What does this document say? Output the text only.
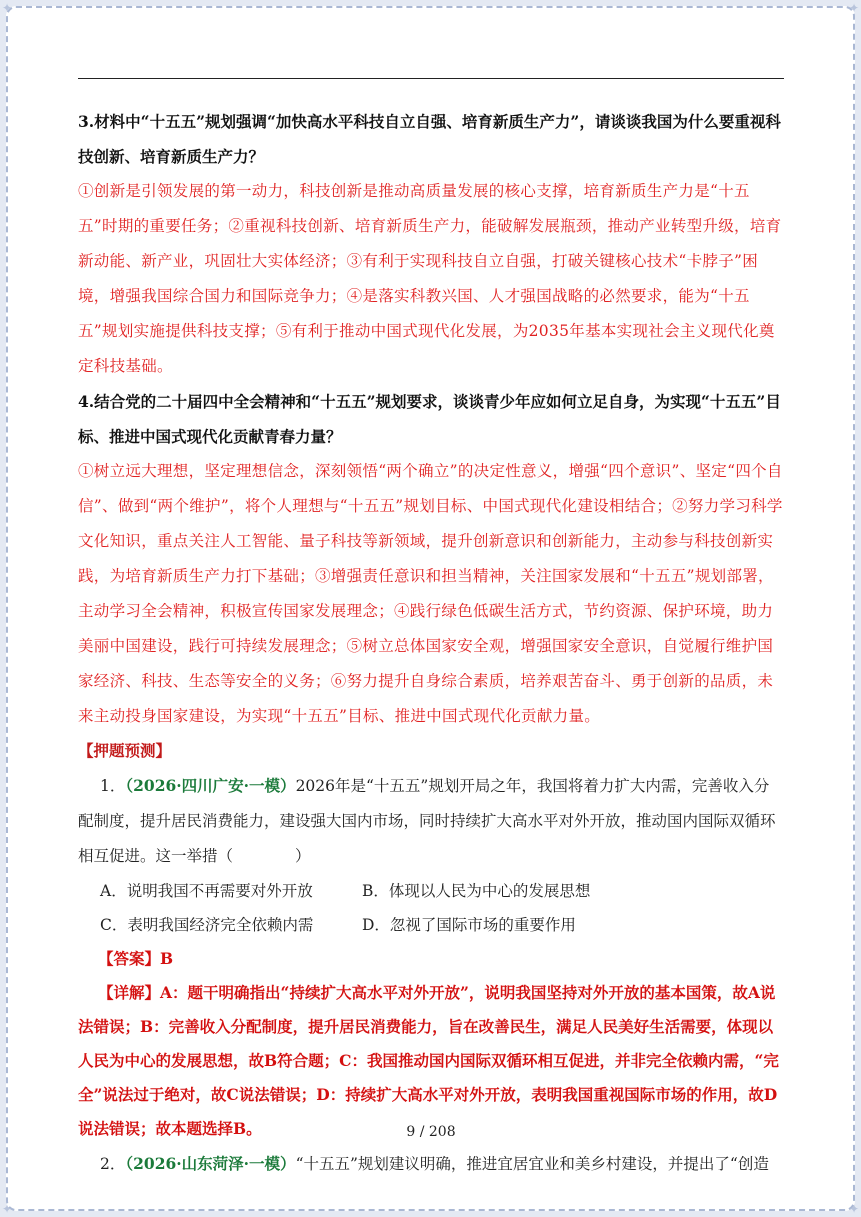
✦	✦
✦	✦

3.材料中“十五五”规划强调“加快高水平科技自立自强、培育新质生产力”，请谈谈我国为什么要重视科技创新、培育新质生产力？

①创新是引领发展的第一动力，科技创新是推动高质量发展的核心支撑，培育新质生产力是“十五五”时期的重要任务；②重视科技创新、培育新质生产力，能破解发展瓶颈，推动产业转型升级，培育新动能、新产业，巩固壮大实体经济；③有利于实现科技自立自强，打破关键核心技术“卡脖子”困境，增强我国综合国力和国际竞争力；④是落实科教兴国、人才强国战略的必然要求，能为“十五五”规划实施提供科技支撑；⑤有利于推动中国式现代化发展，为2035年基本实现社会主义现代化奠定科技基础。

4.结合党的二十届四中全会精神和“十五五”规划要求，谈谈青少年应如何立足自身，为实现“十五五”目标、推进中国式现代化贡献青春力量？

①树立远大理想，坚定理想信念，深刻领悟“两个确立”的决定性意义，增强“四个意识”、坚定“四个自信”、做到“两个维护”，将个人理想与“十五五”规划目标、中国式现代化建设相结合；②努力学习科学文化知识，重点关注人工智能、量子科技等新领域，提升创新意识和创新能力，主动参与科技创新实践，为培育新质生产力打下基础；③增强责任意识和担当精神，关注国家发展和“十五五”规划部署，主动学习全会精神，积极宣传国家发展理念；④践行绿色低碳生活方式，节约资源、保护环境，助力美丽中国建设，践行可持续发展理念；⑤树立总体国家安全观，增强国家安全意识，自觉履行维护国家经济、科技、生态等安全的义务；⑥努力提升自身综合素质，培养艰苦奋斗、勇于创新的品质，未来主动投身国家建设，为实现“十五五”目标、推进中国式现代化贡献力量。

【押题预测】

1．（2026·四川广安·一模）2026年是“十五五”规划开局之年，我国将着力扩大内需，完善收入分配制度，提升居民消费能力，建设强大国内市场，同时持续扩大高水平对外开放，推动国内国际双循环相互促进。这一举措（　　　　）

A．说明我国不再需要对外开放	B．体现以人民为中心的发展思想
C．表明我国经济完全依赖内需	D．忽视了国际市场的重要作用

【答案】B

【详解】A：题干明确指出“持续扩大高水平对外开放”，说明我国坚持对外开放的基本国策，故A说法错误；B：完善收入分配制度，提升居民消费能力，旨在改善民生，满足人民美好生活需要，体现以人民为中心的发展思想，故B符合题；C：我国推动国内国际双循环相互促进，并非完全依赖内需，“完全”说法过于绝对，故C说法错误；D：持续扩大高水平对外开放，表明我国重视国际市场的作用，故D说法错误；故本题选择B。

2．（2026·山东菏泽·一模）“十五五”规划建议明确，推进宜居宜业和美乡村建设，并提出了“创造

9 / 208
